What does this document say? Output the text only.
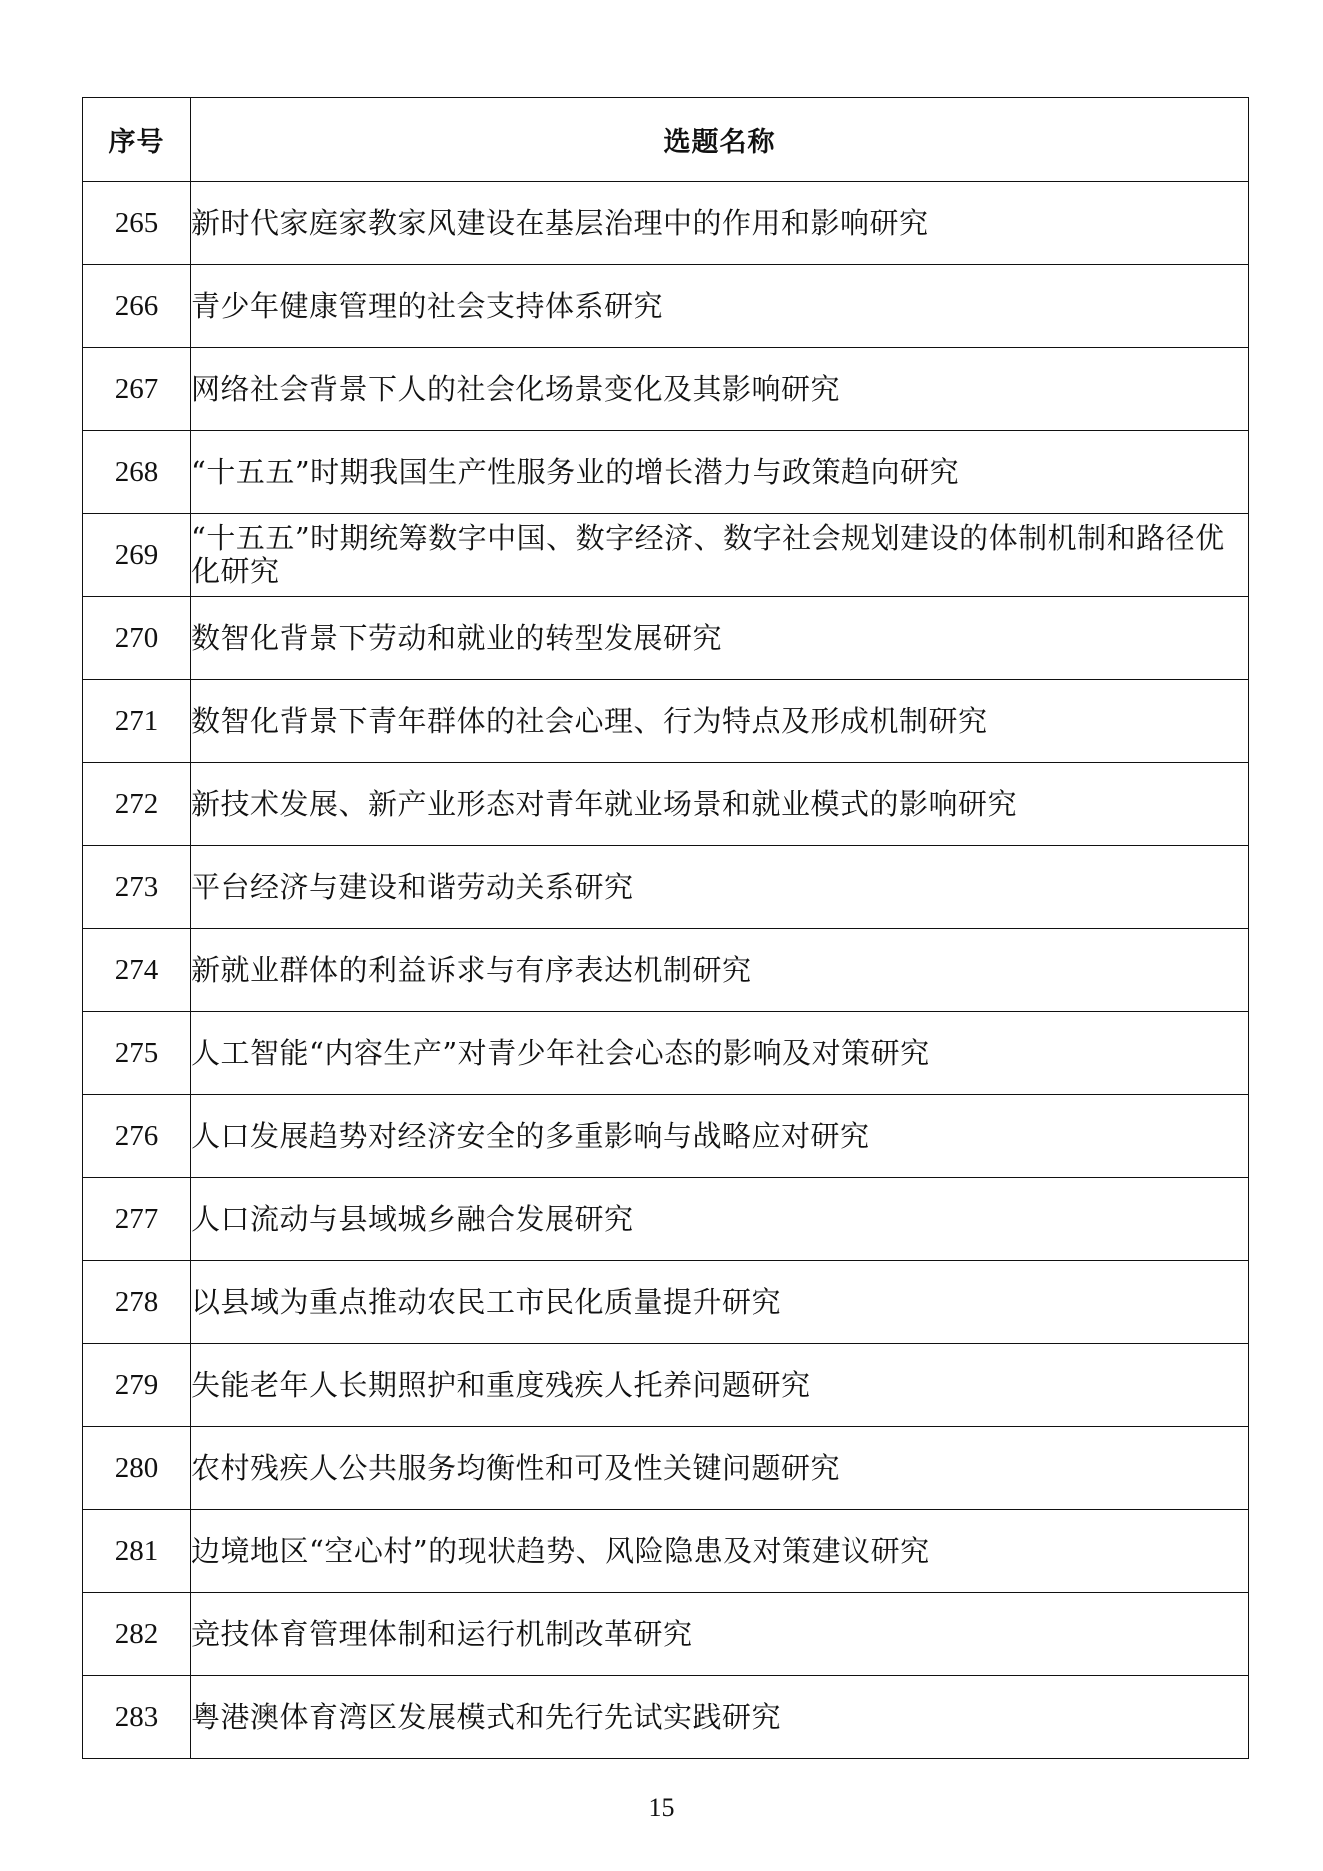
序号	选题名称
265	新时代家庭家教家风建设在基层治理中的作用和影响研究
266	青少年健康管理的社会支持体系研究
267	网络社会背景下人的社会化场景变化及其影响研究
268	“十五五”时期我国生产性服务业的增长潜力与政策趋向研究
269	“十五五”时期统筹数字中国、数字经济、数字社会规划建设的体制机制和路径优化研究
270	数智化背景下劳动和就业的转型发展研究
271	数智化背景下青年群体的社会心理、行为特点及形成机制研究
272	新技术发展、新产业形态对青年就业场景和就业模式的影响研究
273	平台经济与建设和谐劳动关系研究
274	新就业群体的利益诉求与有序表达机制研究
275	人工智能“内容生产”对青少年社会心态的影响及对策研究
276	人口发展趋势对经济安全的多重影响与战略应对研究
277	人口流动与县域城乡融合发展研究
278	以县域为重点推动农民工市民化质量提升研究
279	失能老年人长期照护和重度残疾人托养问题研究
280	农村残疾人公共服务均衡性和可及性关键问题研究
281	边境地区“空心村”的现状趋势、风险隐患及对策建议研究
282	竞技体育管理体制和运行机制改革研究
283	粤港澳体育湾区发展模式和先行先试实践研究
15
